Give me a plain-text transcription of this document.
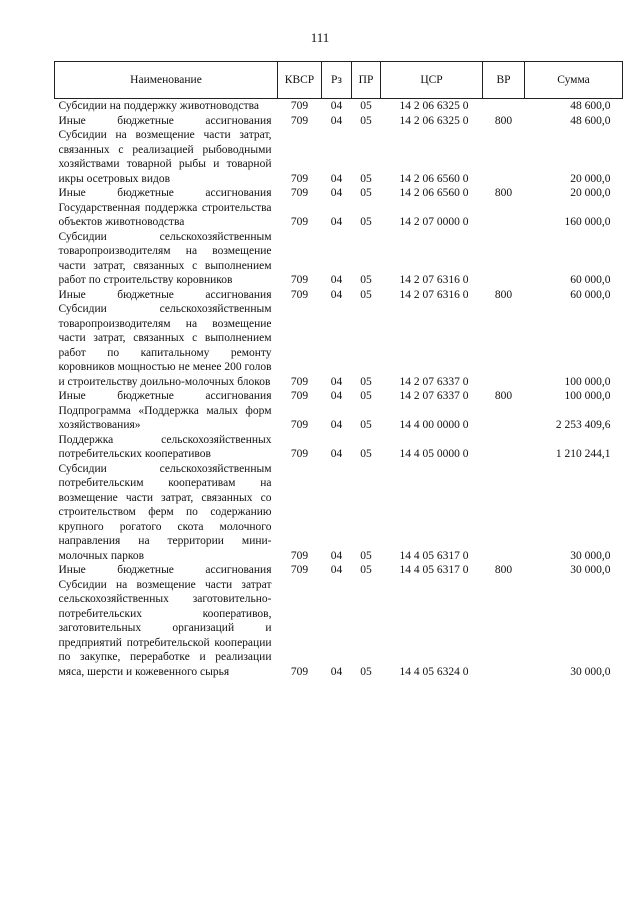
111
Наименование	КВСР	Рз	ПР	ЦСР	ВР	Сумма
Субсидии на поддержку животноводства	709	04	05	14 2 06 6325 0		48 600,0
Иные бюджетные ассигнования	709	04	05	14 2 06 6325 0	800	48 600,0
Субсидии на возмещение части затрат, связанных с реализацией рыбоводными хозяйствами товарной рыбы и товарной икры осетровых видов	709	04	05	14 2 06 6560 0		20 000,0
Иные бюджетные ассигнования	709	04	05	14 2 06 6560 0	800	20 000,0
Государственная поддержка строительства объектов животноводства	709	04	05	14 2 07 0000 0		160 000,0
Субсидии сельскохозяйственным товаропроизводителям на возмещение части затрат, связанных с выполнением работ по строительству коровников	709	04	05	14 2 07 6316 0		60 000,0
Иные бюджетные ассигнования	709	04	05	14 2 07 6316 0	800	60 000,0
Субсидии сельскохозяйственным товаропроизводителям на возмещение части затрат, связанных с выполнением работ по капитальному ремонту коровников мощностью не менее 200 голов и строительству доильно-молочных блоков	709	04	05	14 2 07 6337 0		100 000,0
Иные бюджетные ассигнования	709	04	05	14 2 07 6337 0	800	100 000,0
Подпрограмма «Поддержка малых форм хозяйствования»	709	04	05	14 4 00 0000 0		2 253 409,6
Поддержка сельскохозяйственных потребительских кооперативов	709	04	05	14 4 05 0000 0		1 210 244,1
Субсидии сельскохозяйственным потребительским кооперативам на возмещение части затрат, связанных со строительством ферм по содержанию крупного рогатого скота молочного направления на территории мини-молочных парков	709	04	05	14 4 05 6317 0		30 000,0
Иные бюджетные ассигнования	709	04	05	14 4 05 6317 0	800	30 000,0
Субсидии на возмещение части затрат сельскохозяйственных заготовительно-потребительских кооперативов, заготовительных организаций и предприятий потребительской кооперации по закупке, переработке и реализации мяса, шерсти и кожевенного сырья	709	04	05	14 4 05 6324 0		30 000,0
